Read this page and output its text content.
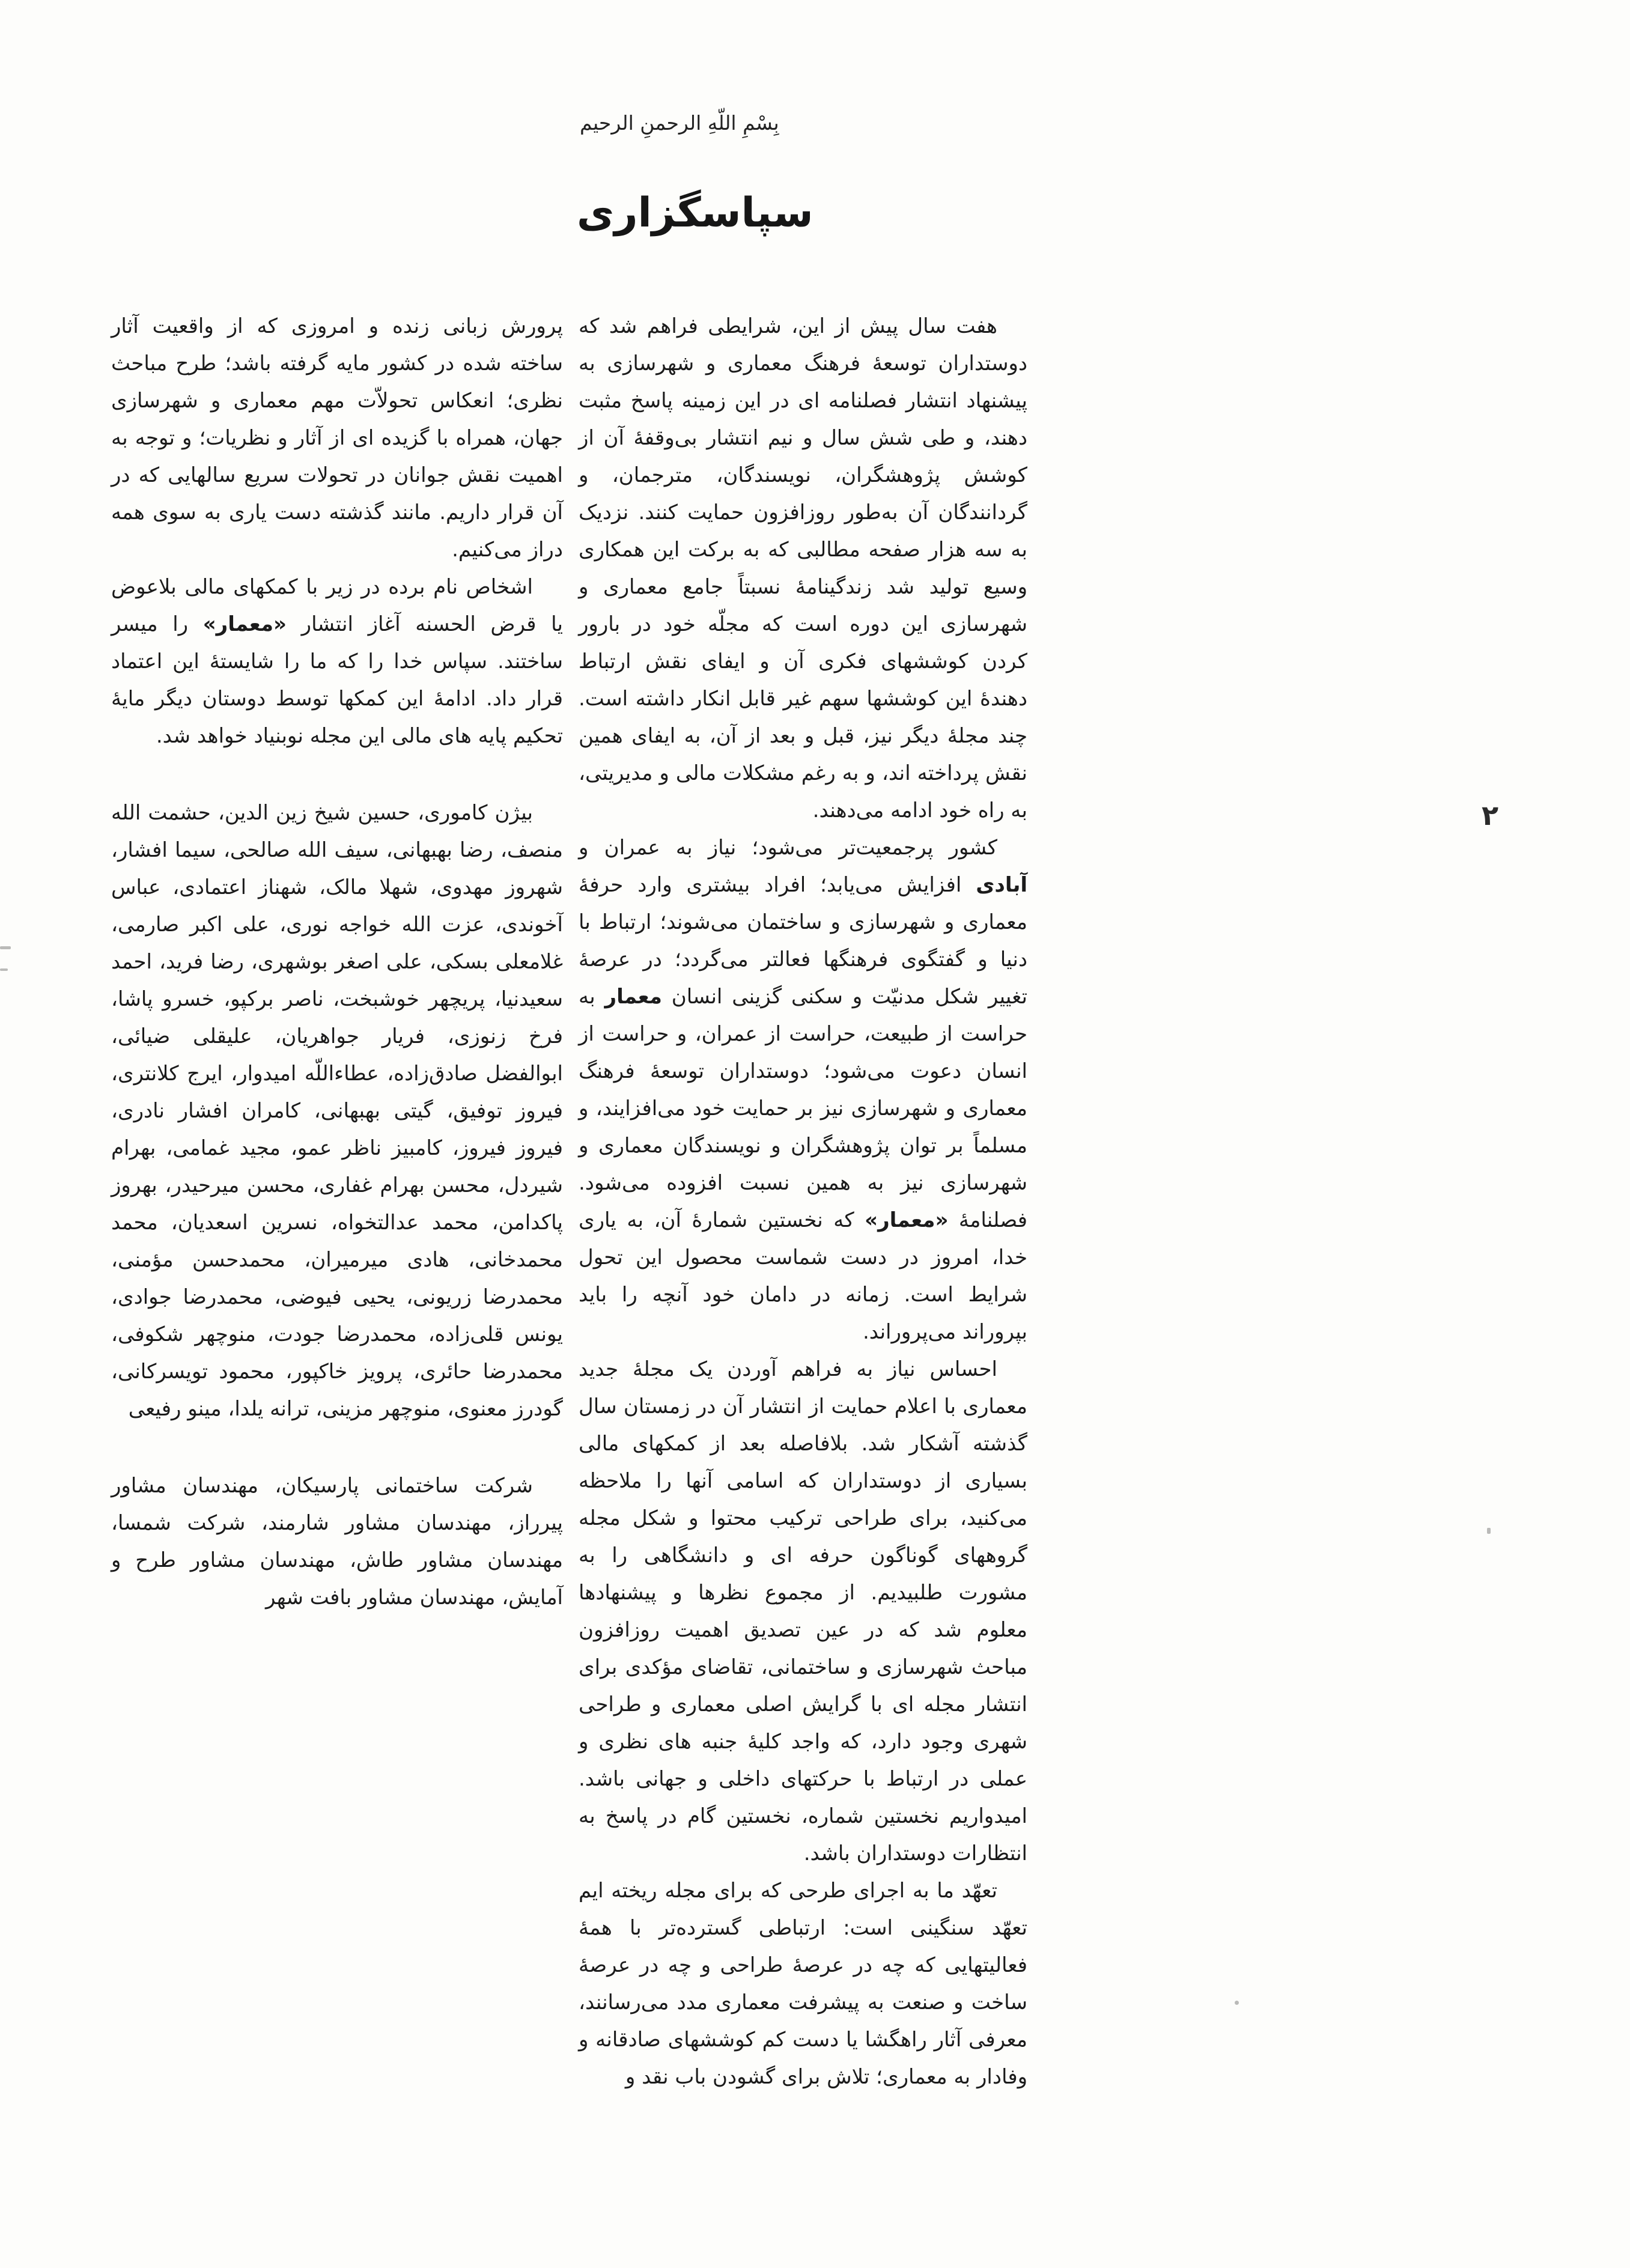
بِسْمِ اللّهِ الرحمنِ الرحيم
سپاسگزاری

هفت سال پیش از این، شرایطی فراهم شد که دوستداران توسعهٔ فرهنگ معماری و شهرسازی به پیشنهاد انتشار فصلنامه ای در این زمینه پاسخ مثبت دهند، و طی شش سال و نیم انتشار بی‌وقفهٔ آن از کوشش پژوهشگران، نویسندگان، مترجمان، و گردانندگان آن به‌طور روزافزون حمایت کنند. نزدیک به سه هزار صفحه مطالبی که به برکت این همکاری وسیع تولید شد زندگینامهٔ نسبتاً جامع معماری و شهرسازی این دوره است که مجلّه خود در بارور کردن کوششهای فکری آن و ایفای نقش ارتباط دهندهٔ این کوششها سهم غیر قابل انکار داشته است. چند مجلهٔ دیگر نیز، قبل و بعد از آن، به ایفای همین نقش پرداخته اند، و به رغم مشکلات مالی و مدیریتی، به راه خود ادامه می‌دهند.

کشور پرجمعیت‌تر می‌شود؛ نیاز به عمران و آبادی افزایش می‌یابد؛ افراد بیشتری وارد حرفهٔ معماری و شهرسازی و ساختمان می‌شوند؛ ارتباط با دنیا و گفتگوی فرهنگها فعالتر می‌گردد؛ در عرصهٔ تغییر شکل مدنیّت و سکنی گزینی انسان معمار به حراست از طبیعت، حراست از عمران، و حراست از انسان دعوت می‌شود؛ دوستداران توسعهٔ فرهنگ معماری و شهرسازی نیز بر حمایت خود می‌افزایند، و مسلماً بر توان پژوهشگران و نویسندگان معماری و شهرسازی نیز به همین نسبت افزوده می‌شود. فصلنامهٔ «معمار» که نخستین شمارهٔ آن، به یاری خدا، امروز در دست شماست محصول این تحول شرایط است. زمانه در دامان خود آنچه را باید بپروراند می‌پروراند.

احساس نیاز به فراهم آوردن یک مجلهٔ جدید معماری با اعلام حمایت از انتشار آن در زمستان سال گذشته آشکار شد. بلافاصله بعد از کمکهای مالی بسیاری از دوستداران که اسامی آنها را ملاحظه می‌کنید، برای طراحی ترکیب محتوا و شکل مجله گروههای گوناگون حرفه ای و دانشگاهی را به مشورت طلبیدیم. از مجموع نظرها و پیشنهادها معلوم شد که در عین تصدیق اهمیت روزافزون مباحث شهرسازی و ساختمانی، تقاضای مؤکدی برای انتشار مجله ای با گرایش اصلی معماری و طراحی شهری وجود دارد، که واجد کلیهٔ جنبه های نظری و عملی در ارتباط با حرکتهای داخلی و جهانی باشد. امیدواریم نخستین شماره، نخستین گام در پاسخ به انتظارات دوستداران باشد.

تعهّد ما به اجرای طرحی که برای مجله ریخته ایم تعهّد سنگینی است: ارتباطی گسترده‌تر با همهٔ فعالیتهایی که چه در عرصهٔ طراحی و چه در عرصهٔ ساخت و صنعت به پیشرفت معماری مدد می‌رسانند، معرفی آثار راهگشا یا دست کم کوششهای صادقانه و وفادار به معماری؛ تلاش برای گشودن باب نقد و

پرورش زبانی زنده و امروزی که از واقعیت آثار ساخته شده در کشور مایه گرفته باشد؛ طرح مباحث نظری؛ انعکاس تحولاّت مهم معماری و شهرسازی جهان، همراه با گزیده ای از آثار و نظریات؛ و توجه به اهمیت نقش جوانان در تحولات سریع سالهایی که در آن قرار داریم. مانند گذشته دست یاری به سوی همه دراز می‌کنیم.

اشخاص نام برده در زیر با کمکهای مالی بلاعوض یا قرض الحسنه آغاز انتشار «معمار» را میسر ساختند. سپاس خدا را که ما را شایستهٔ این اعتماد قرار داد. ادامهٔ این کمکها توسط دوستان دیگر مایهٔ تحکیم پایه های مالی این مجله نوبنیاد خواهد شد.

بیژن کاموری، حسین شیخ زین الدین، حشمت الله منصف، رضا بهبهانی، سیف الله صالحی، سیما افشار، شهروز مهدوی، شهلا مالک، شهناز اعتمادی، عباس آخوندی، عزت الله خواجه نوری، علی اکبر صارمی، غلامعلی بسکی، علی اصغر بوشهری، رضا فرید، احمد سعیدنیا، پریچهر خوشبخت، ناصر برکپو، خسرو پاشا، فرخ زنوزی، فریار جواهریان، علیقلی ضیائی، ابوالفضل صادق‌زاده، عطاءاللّه امیدوار، ایرج کلانتری، فیروز توفیق، گیتی بهبهانی، کامران افشار نادری، فیروز فیروز، کامبیز ناظر عمو، مجید غمامی، بهرام شیردل، محسن بهرام غفاری، محسن میرحیدر، بهروز پاکدامن، محمد عدالتخواه، نسرین اسعدیان، محمد محمدخانی، هادی میرمیران، محمدحسن مؤمنی، محمدرضا زریونی، یحیی فیوضی، محمدرضا جوادی، یونس قلی‌زاده، محمدرضا جودت، منوچهر شکوفی، محمدرضا حائری، پرویز خاکپور، محمود تویسرکانی، گودرز معنوی، منوچهر مزینی، ترانه یلدا، مینو رفیعی

شرکت ساختمانی پارسیکان، مهندسان مشاور پیرراز، مهندسان مشاور شارمند، شرکت شمسا، مهندسان مشاور طاش، مهندسان مشاور طرح و آمایش، مهندسان مشاور بافت شهر

۲
